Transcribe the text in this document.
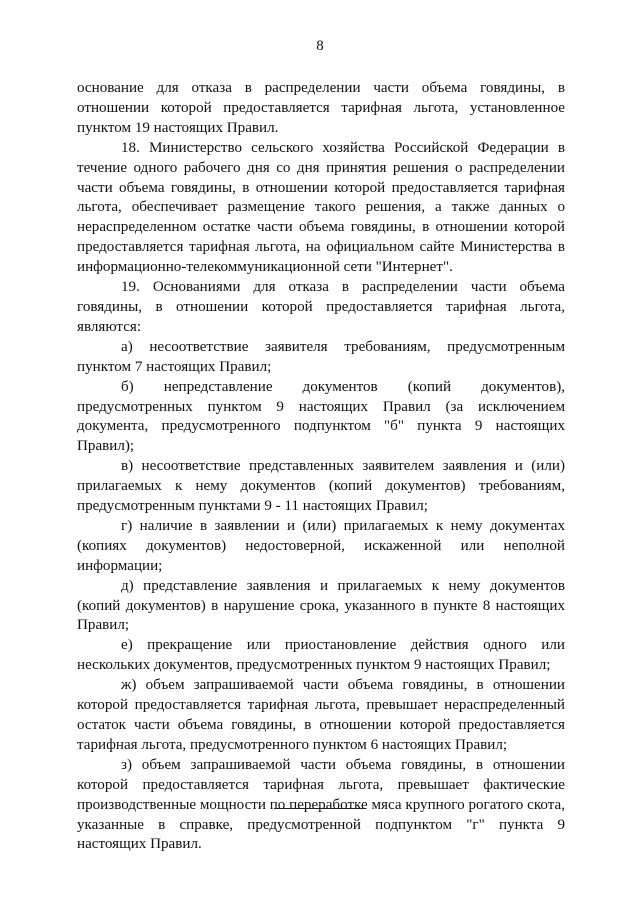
8

основание для отказа в распределении части объема говядины, в отношении которой предоставляется тарифная льгота, установленное пунктом 19 настоящих Правил.

18. Министерство сельского хозяйства Российской Федерации в течение одного рабочего дня со дня принятия решения о распределении части объема говядины, в отношении которой предоставляется тарифная льгота, обеспечивает размещение такого решения, а также данных о нераспределенном остатке части объема говядины, в отношении которой предоставляется тарифная льгота, на официальном сайте Министерства в информационно-телекоммуникационной сети "Интернет".

19. Основаниями для отказа в распределении части объема говядины, в отношении которой предоставляется тарифная льгота, являются:

а) несоответствие заявителя требованиям, предусмотренным пунктом 7 настоящих Правил;

б) непредставление документов (копий документов), предусмотренных пунктом 9 настоящих Правил (за исключением документа, предусмотренного подпунктом "б" пункта 9 настоящих Правил);

в) несоответствие представленных заявителем заявления и (или) прилагаемых к нему документов (копий документов) требованиям, предусмотренным пунктами 9 - 11 настоящих Правил;

г) наличие в заявлении и (или) прилагаемых к нему документах (копиях документов) недостоверной, искаженной или неполной информации;

д) представление заявления и прилагаемых к нему документов (копий документов) в нарушение срока, указанного в пункте 8 настоящих Правил;

е) прекращение или приостановление действия одного или нескольких документов, предусмотренных пунктом 9 настоящих Правил;

ж) объем запрашиваемой части объема говядины, в отношении которой предоставляется тарифная льгота, превышает нераспределенный остаток части объема говядины, в отношении которой предоставляется тарифная льгота, предусмотренного пунктом 6 настоящих Правил;

з) объем запрашиваемой части объема говядины, в отношении которой предоставляется тарифная льгота, превышает фактические производственные мощности по переработке мяса крупного рогатого скота, указанные в справке, предусмотренной подпунктом "г" пункта 9 настоящих Правил.
